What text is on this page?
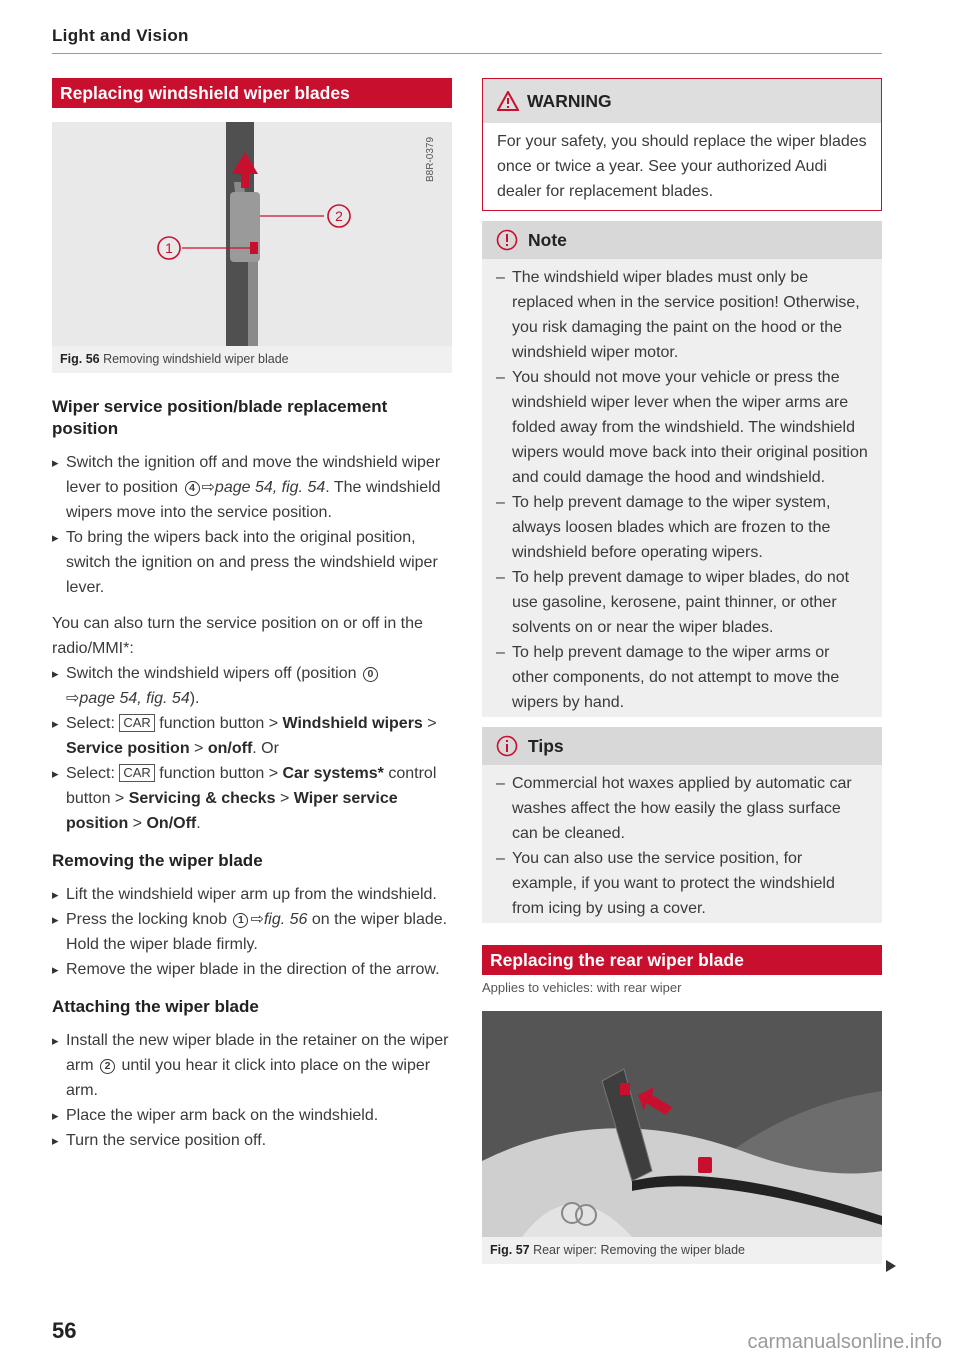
Light and Vision
Replacing windshield wiper blades
1
2
B8R-0379
Fig. 56 Removing windshield wiper blade
Wiper service position/blade replacement position
▸ Switch the ignition off and move the windshield wiper lever to position 4 ⇨page 54, fig. 54. The windshield wipers move into the service position.
▸ To bring the wipers back into the original position, switch the ignition on and press the windshield wiper lever.

You can also turn the service position on or off in the radio/MMI*:

▸ Switch the windshield wipers off (position 0
⇨page 54, fig. 54).
▸ Select: CAR function button > Windshield wipers > Service position > on/off. Or
▸ Select: CAR function button > Car systems* control button > Servicing & checks > Wiper service position > On/Off.
Removing the wiper blade
▸ Lift the windshield wiper arm up from the windshield.
▸ Press the locking knob 1 ⇨fig. 56 on the wiper blade. Hold the wiper blade firmly.
▸ Remove the wiper blade in the direction of the arrow.
Attaching the wiper blade
▸ Install the new wiper blade in the retainer on the wiper arm 2 until you hear it click into place on the wiper arm.
▸ Place the wiper arm back on the windshield.
▸ Turn the service position off.
WARNING

For your safety, you should replace the wiper blades once or twice a year. See your authorized Audi dealer for replacement blades.

Note
– The windshield wiper blades must only be replaced when in the service position! Otherwise, you risk damaging the paint on the hood or the windshield wiper motor.
– You should not move your vehicle or press the windshield wiper lever when the wiper arms are folded away from the windshield. The windshield wipers would move back into their original position and could damage the hood and windshield.
– To help prevent damage to the wiper system, always loosen blades which are frozen to the windshield before operating wipers.
– To help prevent damage to wiper blades, do not use gasoline, kerosene, paint thinner, or other solvents on or near the wiper blades.
– To help prevent damage to the wiper arms or other components, do not attempt to move the wipers by hand.
Tips
– Commercial hot waxes applied by automatic car washes affect the how easily the glass surface can be cleaned.
– You can also use the service position, for example, if you want to protect the windshield from icing by using a cover.
Replacing the rear wiper blade
Applies to vehicles: with rear wiper
B8K-1640
Fig. 57 Rear wiper: Removing the wiper blade
56	carmanualsonline.info
